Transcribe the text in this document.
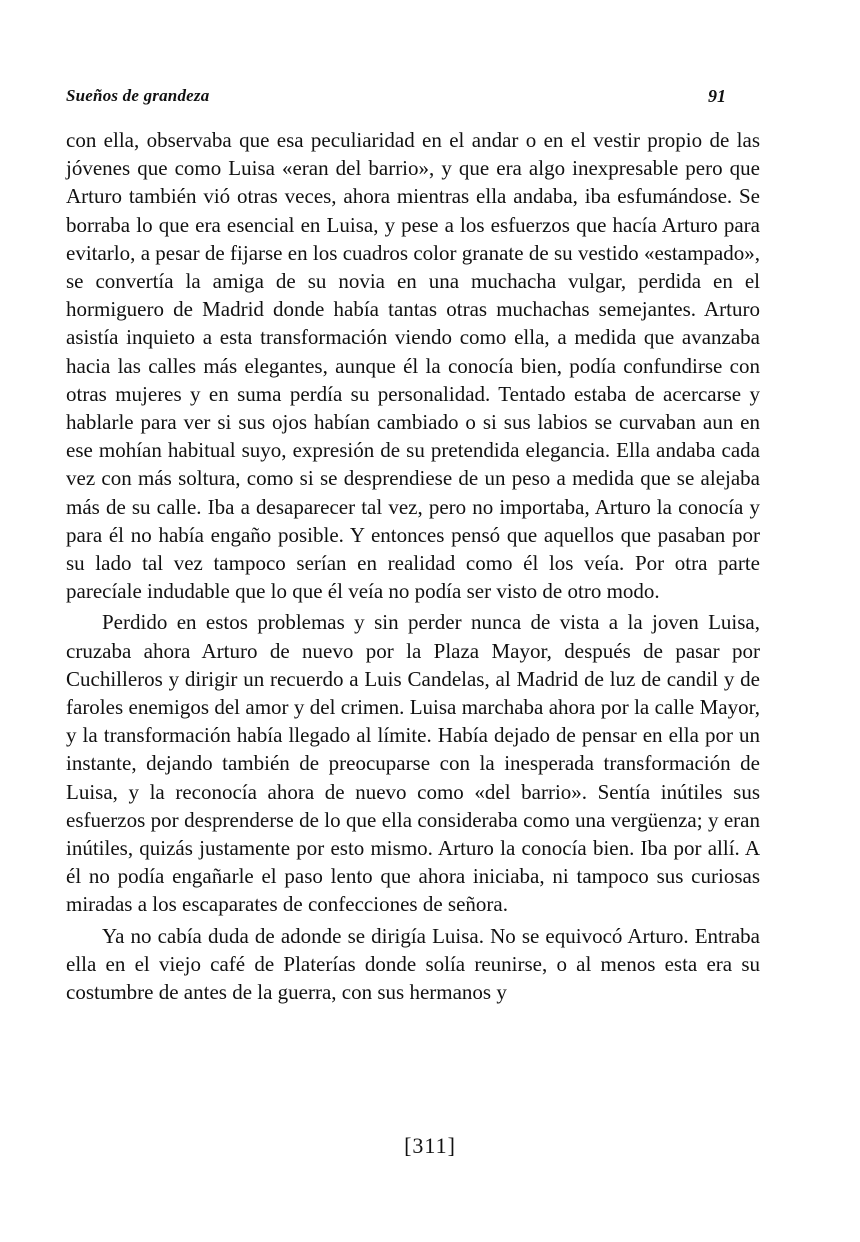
Sueños de grandeza	91

con ella, observaba que esa peculiaridad en el andar o en el vestir propio de las jóvenes que como Luisa «eran del barrio», y que era algo inexpresable pero que Arturo también vió otras veces, ahora mientras ella andaba, iba esfumándose. Se borraba lo que era esencial en Luisa, y pese a los esfuerzos que hacía Arturo para evitarlo, a pesar de fijarse en los cuadros color granate de su vestido «estampado», se convertía la amiga de su novia en una muchacha vulgar, perdida en el hormiguero de Madrid donde había tantas otras muchachas semejantes. Arturo asistía inquieto a esta transformación viendo como ella, a medida que avanzaba hacia las calles más elegantes, aunque él la conocía bien, podía confundirse con otras mujeres y en suma perdía su personalidad. Tentado estaba de acercarse y hablarle para ver si sus ojos habían cambiado o si sus labios se curvaban aun en ese mohían habitual suyo, expresión de su pretendida elegancia. Ella andaba cada vez con más soltura, como si se desprendiese de un peso a medida que se alejaba más de su calle. Iba a desaparecer tal vez, pero no importaba, Arturo la conocía y para él no había engaño posible. Y entonces pensó que aquellos que pasaban por su lado tal vez tampoco serían en realidad como él los veía. Por otra parte parecíale indudable que lo que él veía no podía ser visto de otro modo.

Perdido en estos problemas y sin perder nunca de vista a la joven Luisa, cruzaba ahora Arturo de nuevo por la Plaza Mayor, después de pasar por Cuchilleros y dirigir un recuerdo a Luis Candelas, al Madrid de luz de candil y de faroles enemigos del amor y del crimen. Luisa marchaba ahora por la calle Mayor, y la transformación había llegado al límite. Había dejado de pensar en ella por un instante, dejando también de preocuparse con la inesperada transformación de Luisa, y la reconocía ahora de nuevo como «del barrio». Sentía inútiles sus esfuerzos por desprenderse de lo que ella consideraba como una vergüenza; y eran inútiles, quizás justamente por esto mismo. Arturo la conocía bien. Iba por allí. A él no podía engañarle el paso lento que ahora iniciaba, ni tampoco sus curiosas miradas a los escaparates de confecciones de señora.

Ya no cabía duda de adonde se dirigía Luisa. No se equivocó Arturo. Entraba ella en el viejo café de Platerías donde solía reunirse, o al menos esta era su costumbre de antes de la guerra, con sus hermanos y

[311]
